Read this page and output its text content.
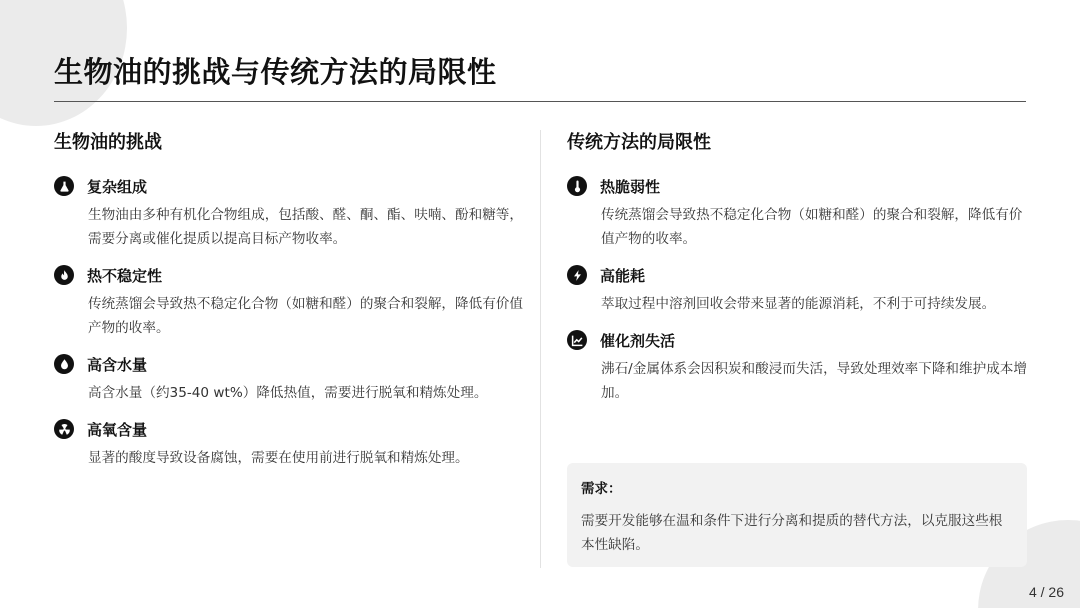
生物油的挑战与传统方法的局限性
生物油的挑战
复杂组成

生物油由多种有机化合物组成，包括酸、醛、酮、酯、呋喃、酚和糖等，需要分离或催化提质以提高目标产物收率。

热不稳定性

传统蒸馏会导致热不稳定化合物（如糖和醛）的聚合和裂解，降低有价值产物的收率。

高含水量

高含水量（约35-40 wt%）降低热值，需要进行脱氧和精炼处理。

高氧含量

显著的酸度导致设备腐蚀，需要在使用前进行脱氧和精炼处理。

传统方法的局限性
热脆弱性

传统蒸馏会导致热不稳定化合物（如糖和醛）的聚合和裂解，降低有价值产物的收率。

高能耗

萃取过程中溶剂回收会带来显著的能源消耗，不利于可持续发展。

催化剂失活

沸石/金属体系会因积炭和酸浸而失活，导致处理效率下降和维护成本增加。

需求：

需要开发能够在温和条件下进行分离和提质的替代方法，以克服这些根本性缺陷。

4 / 26
